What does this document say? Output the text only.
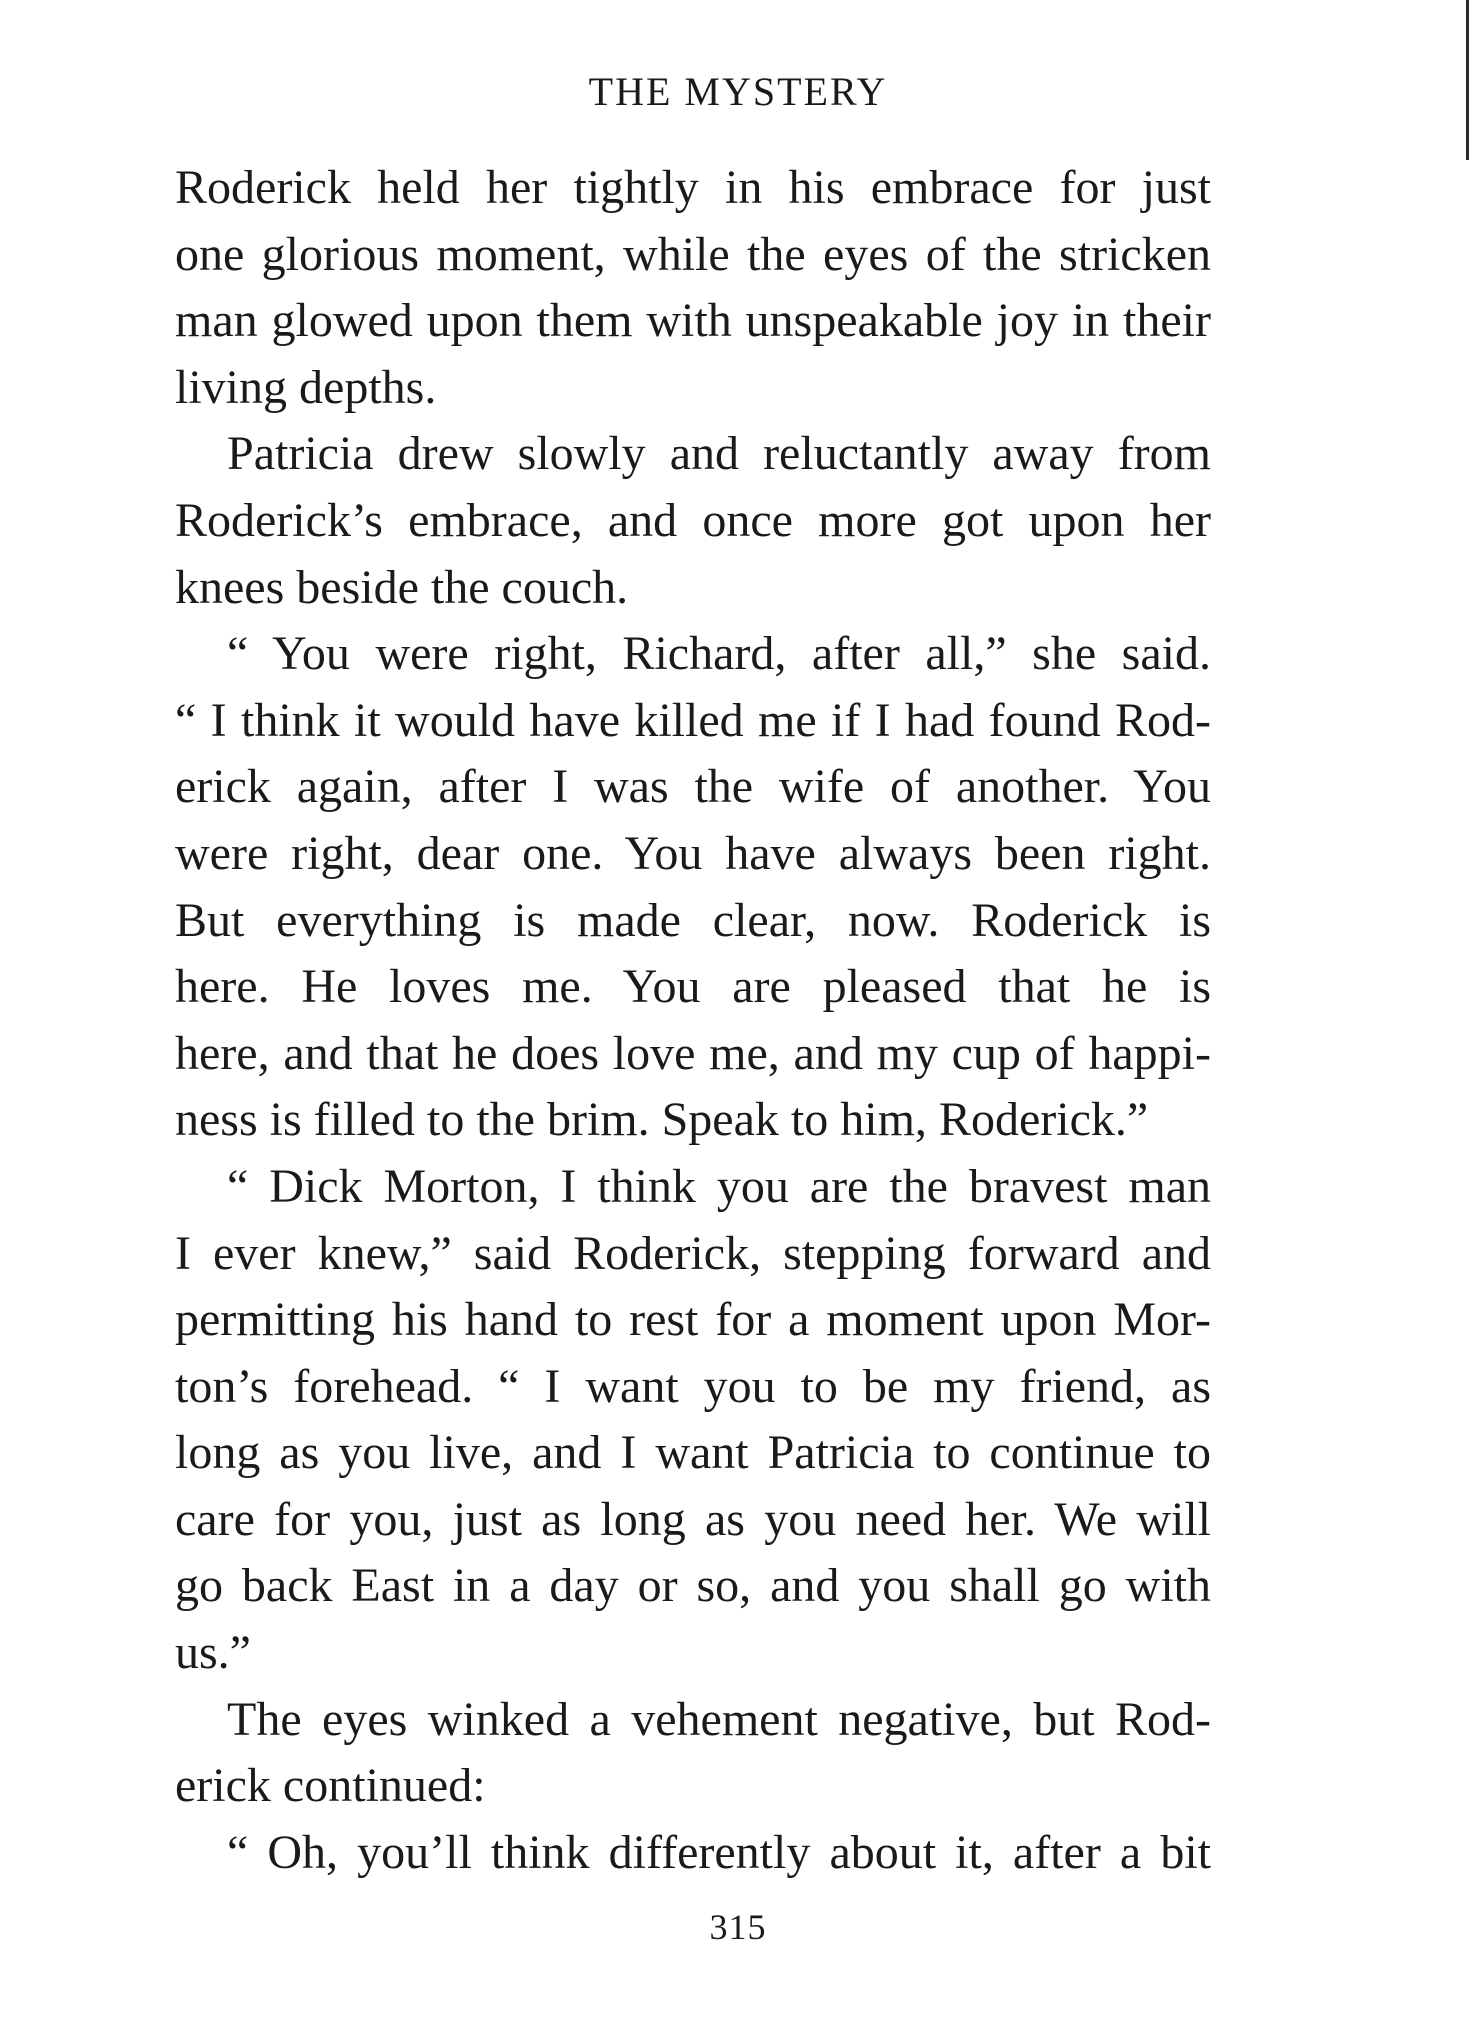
THE MYSTERY
Roderick held her tightly in his embrace for just
one glorious moment, while the eyes of the stricken
man glowed upon them with unspeakable joy in their
living depths.
Patricia drew slowly and reluctantly away from
Roderick’s embrace, and once more got upon her
knees beside the couch.
“ You were right, Richard, after all,” she said.
“ I think it would have killed me if I had found Rod-
erick again, after I was the wife of another. You
were right, dear one. You have always been right.
But everything is made clear, now. Roderick is
here. He loves me. You are pleased that he is
here, and that he does love me, and my cup of happi-
ness is filled to the brim. Speak to him, Roderick.”
“ Dick Morton, I think you are the bravest man
I ever knew,” said Roderick, stepping forward and
permitting his hand to rest for a moment upon Mor-
ton’s forehead. “ I want you to be my friend, as
long as you live, and I want Patricia to continue to
care for you, just as long as you need her. We will
go back East in a day or so, and you shall go with
us.”
The eyes winked a vehement negative, but Rod-
erick continued:
“ Oh, you’ll think differently about it, after a bit
315
